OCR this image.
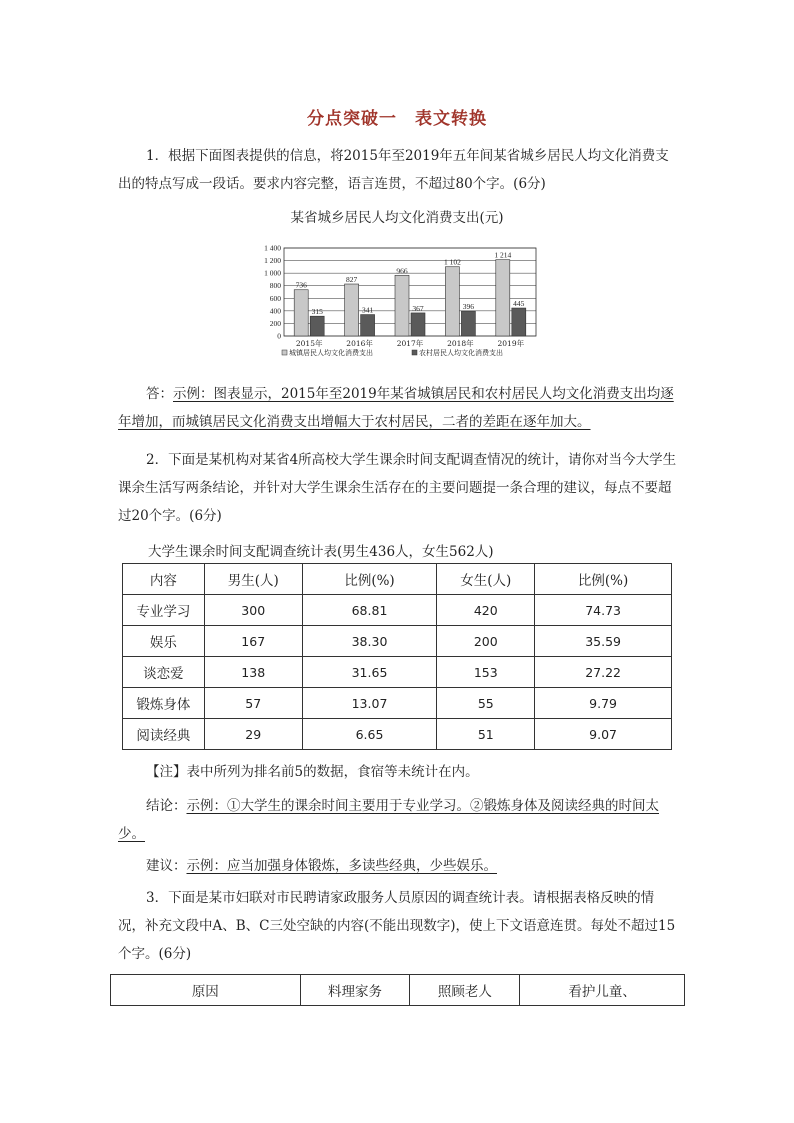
分点突破一　表文转换

1．根据下面图表提供的信息，将2015年至2019年五年间某省城乡居民人均文化消费支出的特点写成一段话。要求内容完整，语言连贯，不超过80个字。(6分)

某省城乡居民人均文化消费支出(元)
0
200
400
600
800
1 000
1 200
1 400
736
315
2015年
827
341
2016年
966
367
2017年
1 102
396
2018年
1 214
445
2019年
城镇居民人均文化消费支出	农村居民人均文化消费支出

答：示例：图表显示，2015年至2019年某省城镇居民和农村居民人均文化消费支出均逐年增加，而城镇居民文化消费支出增幅大于农村居民，二者的差距在逐年加大。

2．下面是某机构对某省4所高校大学生课余时间支配调查情况的统计，请你对当今大学生课余生活写两条结论，并针对大学生课余生活存在的主要问题提一条合理的建议，每点不要超过20个字。(6分)

大学生课余时间支配调查统计表(男生436人，女生562人)
内容	男生(人)	比例(%)	女生(人)	比例(%)
专业学习	300	68.81	420	74.73
娱乐	167	38.30	200	35.59
谈恋爱	138	31.65	153	27.22
锻炼身体	57	13.07	55	9.79
阅读经典	29	6.65	51	9.07

【注】表中所列为排名前5的数据，食宿等未统计在内。

结论：示例：①大学生的课余时间主要用于专业学习。②锻炼身体及阅读经典的时间太少。

建议：示例：应当加强身体锻炼，多读些经典，少些娱乐。

3．下面是某市妇联对市民聘请家政服务人员原因的调查统计表。请根据表格反映的情况，补充文段中A、B、C三处空缺的内容(不能出现数字)，使上下文语意连贯。每处不超过15个字。(6分)

原因	料理家务	照顾老人	看护儿童、
